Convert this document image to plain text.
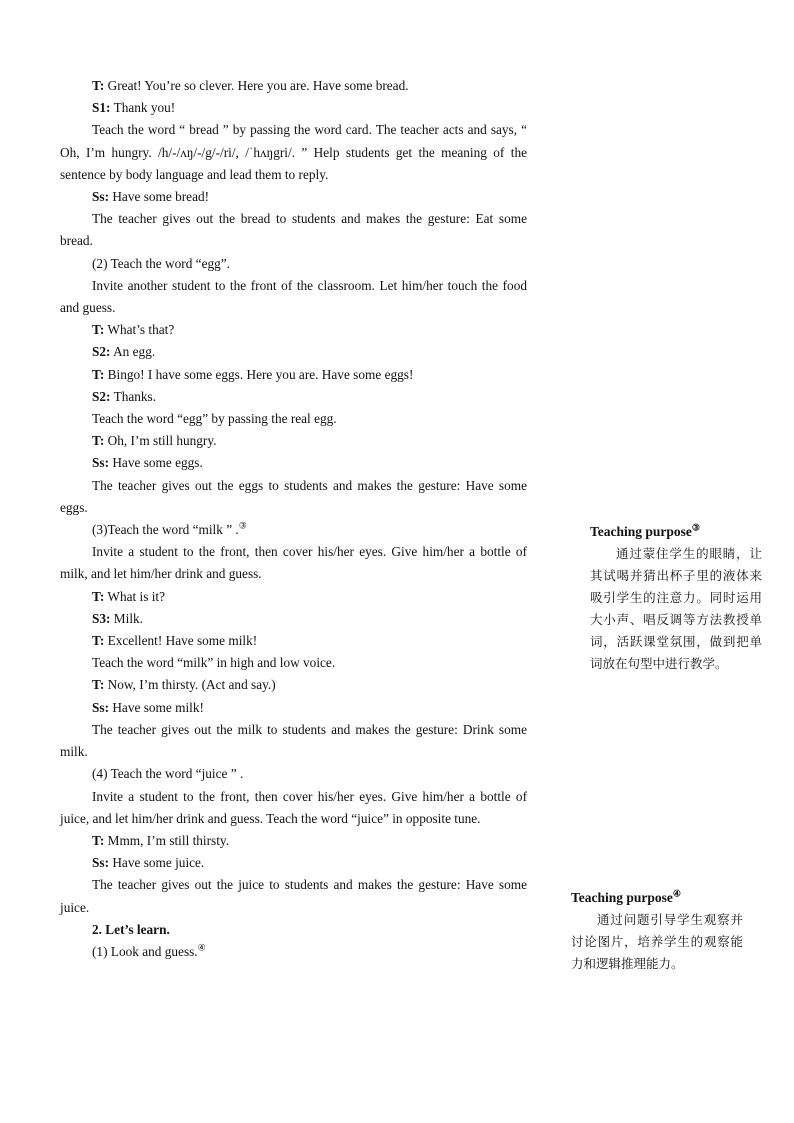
T: Great! You’re so clever. Here you are. Have some bread.

S1: Thank you!

Teach the word “ bread ” by passing the word card. The teacher acts and says, “ Oh, I’m hungry. /h/-/ʌŋ/-/g/-/ri/, /ˈhʌŋgri/. ” Help students get the meaning of the sentence by body language and lead them to reply.

Ss: Have some bread!

The teacher gives out the bread to students and makes the gesture: Eat some bread.

(2) Teach the word “egg”.

Invite another student to the front of the classroom. Let him/her touch the food and guess.

T: What’s that?

S2: An egg.

T: Bingo! I have some eggs. Here you are. Have some eggs!

S2: Thanks.

Teach the word “egg” by passing the real egg.

T: Oh, I’m still hungry.

Ss: Have some eggs.

The teacher gives out the eggs to students and makes the gesture: Have some eggs.

(3)Teach the word “milk ” .③

Invite a student to the front, then cover his/her eyes. Give him/her a bottle of milk, and let him/her drink and guess.

T: What is it?

S3: Milk.

T: Excellent! Have some milk!

Teach the word “milk” in high and low voice.

T: Now, I’m thirsty. (Act and say.)

Ss: Have some milk!

The teacher gives out the milk to students and makes the gesture: Drink some milk.

(4) Teach the word “juice ” .

Invite a student to the front, then cover his/her eyes. Give him/her a bottle of juice, and let him/her drink and guess. Teach the word “juice” in opposite tune.

T: Mmm, I’m still thirsty.

Ss: Have some juice.

The teacher gives out the juice to students and makes the gesture: Have some juice.

2. Let’s learn.

(1) Look and guess.④

Teaching purpose③

通过蒙住学生的眼睛，让其试喝并猜出杯子里的液体来吸引学生的注意力。同时运用大小声、唱反调等方法教授单词，活跃课堂氛围，做到把单词放在句型中进行教学。

Teaching purpose④

通过问题引导学生观察并讨论图片，培养学生的观察能力和逻辑推理能力。
